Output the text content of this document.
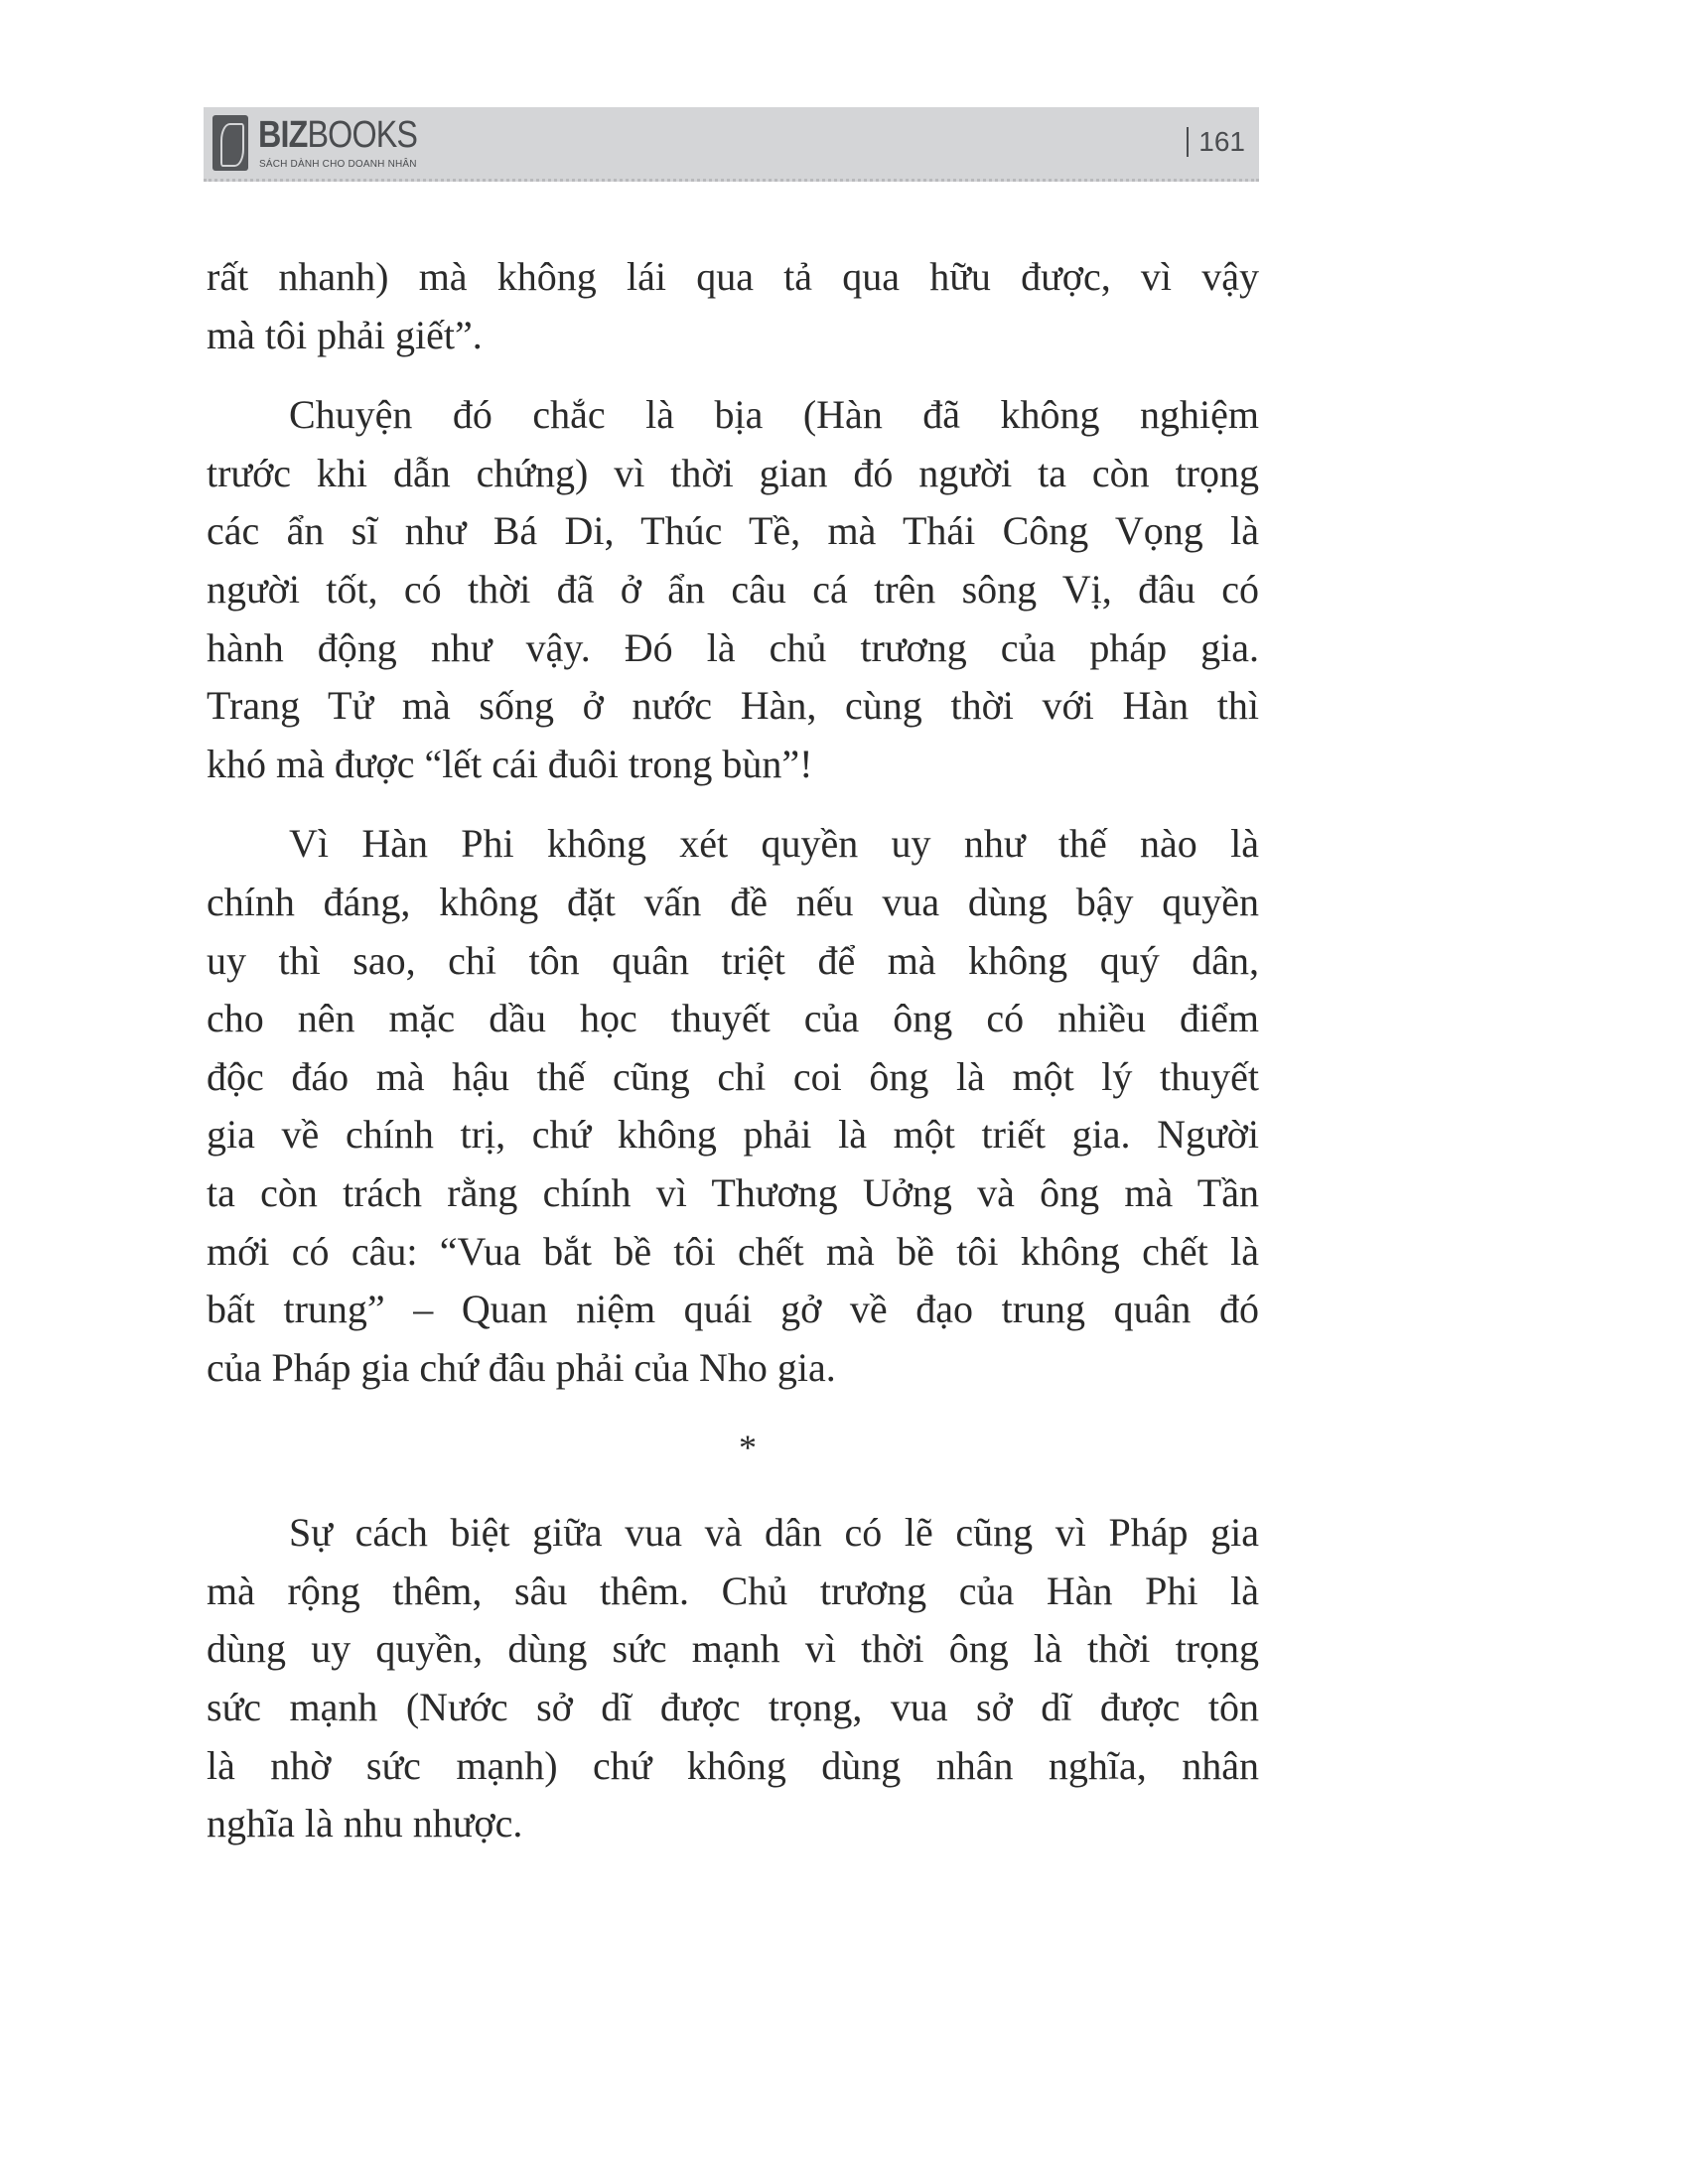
BIZBOOKS
SÁCH DÀNH CHO DOANH NHÂN
161
rất nhanh) mà không lái qua tả qua hữu được, vì vậy
mà tôi phải giết”.
Chuyện đó chắc là bịa (Hàn đã không nghiệm
trước khi dẫn chứng) vì thời gian đó người ta còn trọng
các ẩn sĩ như Bá Di, Thúc Tề, mà Thái Công Vọng là
người tốt, có thời đã ở ẩn câu cá trên sông Vị, đâu có
hành động như vậy. Đó là chủ trương của pháp gia.
Trang Tử mà sống ở nước Hàn, cùng thời với Hàn thì
khó mà được “lết cái đuôi trong bùn”!
Vì Hàn Phi không xét quyền uy như thế nào là
chính đáng, không đặt vấn đề nếu vua dùng bậy quyền
uy thì sao, chỉ tôn quân triệt để mà không quý dân,
cho nên mặc dầu học thuyết của ông có nhiều điểm
độc đáo mà hậu thế cũng chỉ coi ông là một lý thuyết
gia về chính trị, chứ không phải là một triết gia. Người
ta còn trách rằng chính vì Thương Uởng và ông mà Tần
mới có câu: “Vua bắt bề tôi chết mà bề tôi không chết là
bất trung” – Quan niệm quái gở về đạo trung quân đó
của Pháp gia chứ đâu phải của Nho gia.
*
Sự cách biệt giữa vua và dân có lẽ cũng vì Pháp gia
mà rộng thêm, sâu thêm. Chủ trương của Hàn Phi là
dùng uy quyền, dùng sức mạnh vì thời ông là thời trọng
sức mạnh (Nước sở dĩ được trọng, vua sở dĩ được tôn
là nhờ sức mạnh) chứ không dùng nhân nghĩa, nhân
nghĩa là nhu nhược.
